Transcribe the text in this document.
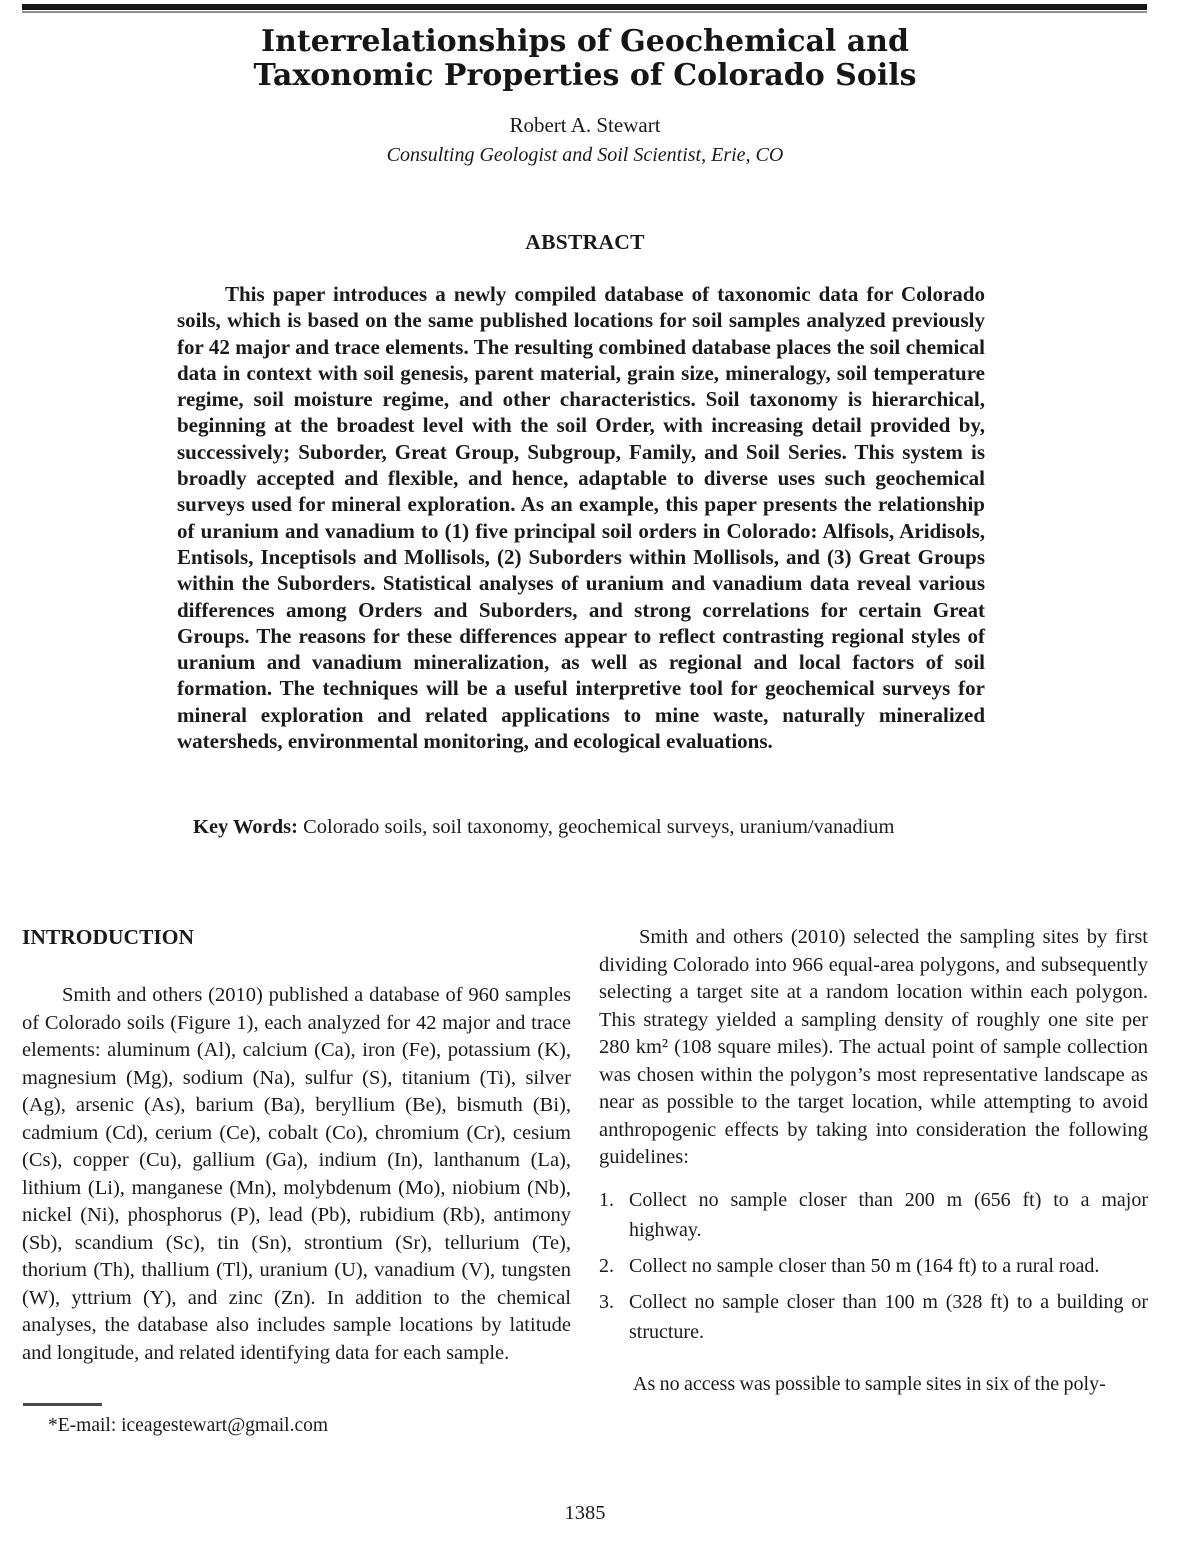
Interrelationships of Geochemical and
Taxonomic Properties of Colorado Soils
Robert A. Stewart
Consulting Geologist and Soil Scientist, Erie, CO
ABSTRACT
This paper introduces a newly compiled database of taxonomic data for Colorado soils, which is based on the same published locations for soil samples analyzed previously for 42 major and trace elements. The resulting combined database places the soil chemical data in context with soil genesis, parent material, grain size, mineralogy, soil temperature regime, soil moisture regime, and other characteristics. Soil taxonomy is hierarchical, beginning at the broadest level with the soil Order, with increasing detail provided by, successively; Suborder, Great Group, Subgroup, Family, and Soil Series. This system is broadly accepted and flexible, and hence, adaptable to diverse uses such geochemical surveys used for mineral exploration. As an example, this paper presents the relationship of uranium and vanadium to (1) five principal soil orders in Colorado: Alfisols, Aridisols, Entisols, Inceptisols and Mollisols, (2) Suborders within Mollisols, and (3) Great Groups within the Suborders. Statistical analyses of uranium and vanadium data reveal various differences among Orders and Suborders, and strong correlations for certain Great Groups. The reasons for these differences appear to reflect contrasting regional styles of uranium and vanadium mineralization, as well as regional and local factors of soil formation. The techniques will be a useful interpretive tool for geochemical surveys for mineral exploration and related applications to mine waste, naturally mineralized watersheds, environmental monitoring, and ecological evaluations.
Key Words: Colorado soils, soil taxonomy, geochemical surveys, uranium/vanadium
INTRODUCTION

Smith and others (2010) published a database of 960 samples of Colorado soils (Figure 1), each analyzed for 42 major and trace elements: aluminum (Al), calcium (Ca), iron (Fe), potassium (K), magnesium (Mg), sodium (Na), sulfur (S), titanium (Ti), silver (Ag), arsenic (As), barium (Ba), beryllium (Be), bismuth (Bi), cadmium (Cd), cerium (Ce), cobalt (Co), chromium (Cr), cesium (Cs), copper (Cu), gallium (Ga), indium (In), lanthanum (La), lithium (Li), manganese (Mn), molybdenum (Mo), niobium (Nb), nickel (Ni), phosphorus (P), lead (Pb), rubidium (Rb), antimony (Sb), scandium (Sc), tin (Sn), strontium (Sr), tellurium (Te), thorium (Th), thallium (Tl), uranium (U), vanadium (V), tungsten (W), yttrium (Y), and zinc (Zn). In addition to the chemical analyses, the database also includes sample locations by latitude and longitude, and related identifying data for each sample.

Smith and others (2010) selected the sampling sites by first dividing Colorado into 966 equal-area polygons, and subsequently selecting a target site at a random location within each polygon. This strategy yielded a sampling density of roughly one site per 280 km² (108 square miles). The actual point of sample collection was chosen within the polygon’s most representative landscape as near as possible to the target location, while attempting to avoid anthropogenic effects by taking into consideration the following guidelines:

1. Collect no sample closer than 200 m (656 ft) to a major highway.
2. Collect no sample closer than 50 m (164 ft) to a rural road.
3. Collect no sample closer than 100 m (328 ft) to a building or structure.

As no access was possible to sample sites in six of the poly-

*E-mail: iceagestewart@gmail.com
1385
